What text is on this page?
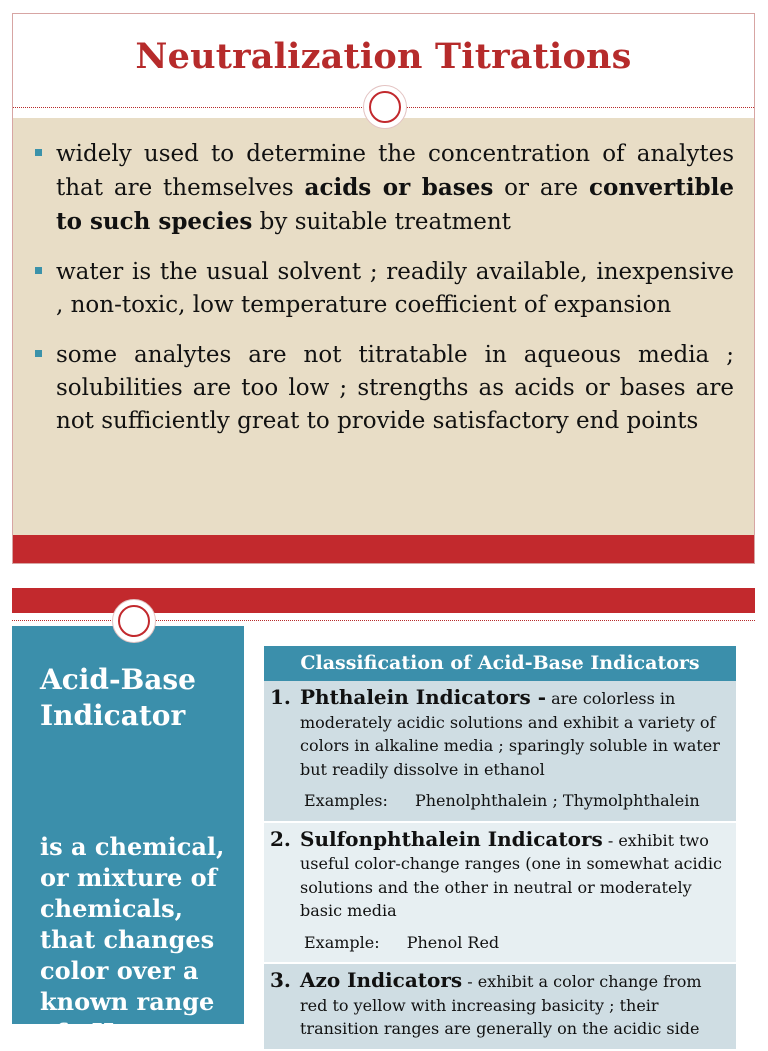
Neutralization Titrations
widely used to determine the concentration of analytes that are themselves acids or bases or are convertible to such species by suitable treatment
water is the usual solvent ; readily available, inexpensive , non-toxic, low temperature coefficient of expansion
some analytes are not titratable in aqueous media ; solubilities are too low ; strengths as acids or bases are not sufficiently great to provide satisfactory end points
Acid-Base Indicator
is a chemical, or mixture of chemicals, that changes color over a known range of pH
Classification of Acid-Base Indicators
1. Phthalein Indicators - are colorless in moderately acidic solutions and exhibit a variety of colors in alkaline media ; sparingly soluble in water but readily dissolve in ethanol
Examples: Phenolphthalein ; Thymolphthalein
2. Sulfonphthalein Indicators - exhibit two useful color-change ranges (one in somewhat acidic solutions and the other in neutral or moderately basic media
Example: Phenol Red
3. Azo Indicators - exhibit a color change from red to yellow with increasing basicity ; their transition ranges are generally on the acidic side
